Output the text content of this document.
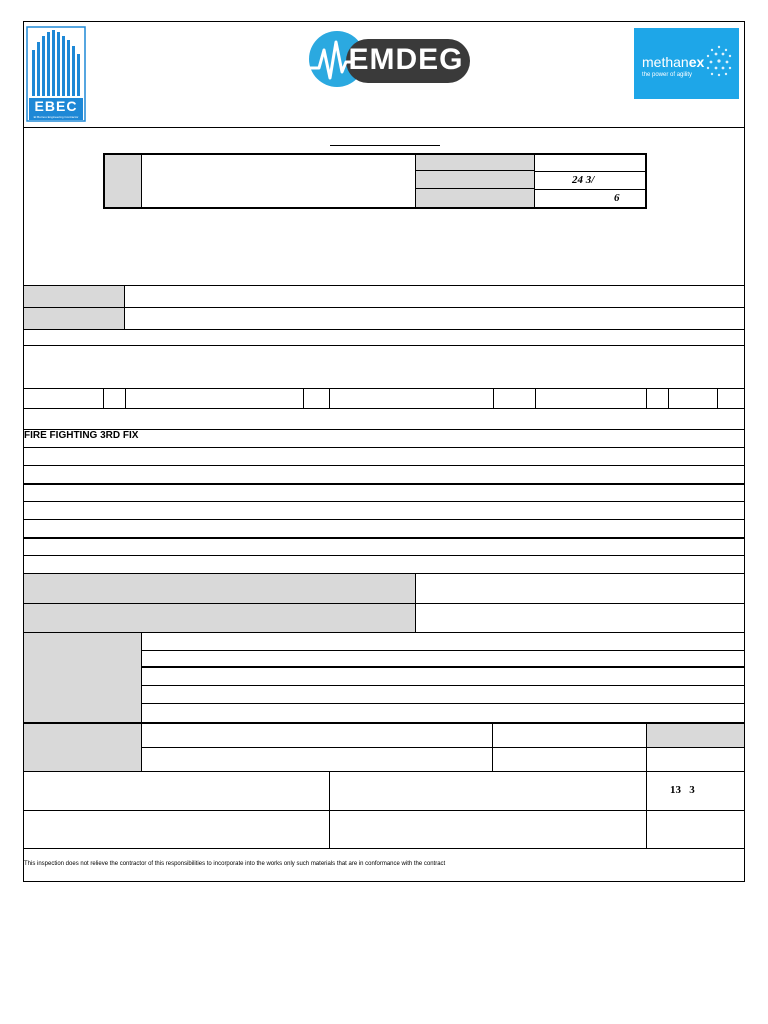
EBEC
El Bornou Engineering Contractor
EMDEG	methanex
the power of agility
24 3/
6
FIRE FIGHTING 3RD FIX
13   3
This inspection does not relieve the contractor of this responsibilities to incorporate into the works only such materials that are in conformance with the contract
